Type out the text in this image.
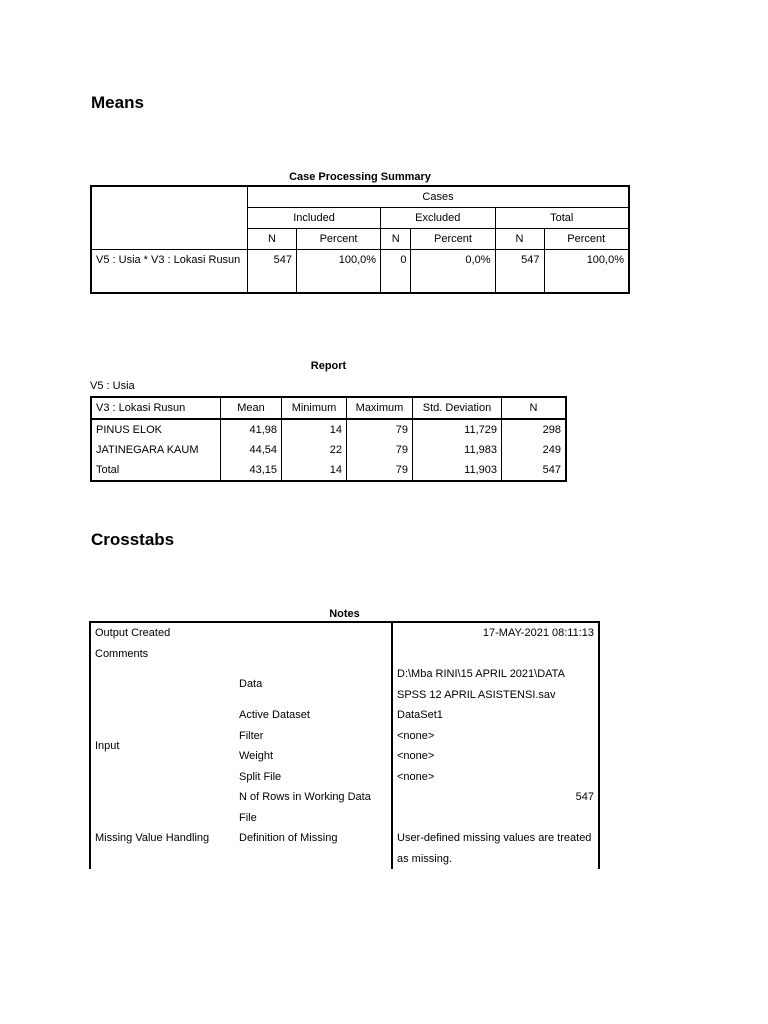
Means
Case Processing Summary
	Cases					
	Included		Excluded		Total	
	N	Percent	N	Percent	N	Percent
V5 : Usia * V3 : Lokasi Rusun	547	100,0%	0	0,0%	547	100,0%
Report
V5 : Usia
V3 : Lokasi Rusun	Mean	Minimum	Maximum	Std. Deviation	N
PINUS ELOK	41,98	14	79	11,729	298
JATINEGARA KAUM	44,54	22	79	11,983	249
Total	43,15	14	79	11,903	547
Crosstabs
Notes
Output Created		17-MAY-2021 08:11:13
Comments		
Input	Data	D:\Mba RINI\15 APRIL 2021\DATA SPSS 12 APRIL ASISTENSI.sav

	Active Dataset	DataSet1
	Filter	<none>
	Weight	<none>
	Split File	<none>
	N of Rows in Working Data File	547
Missing Value Handling	Definition of Missing	User-defined missing values are treated as missing.
